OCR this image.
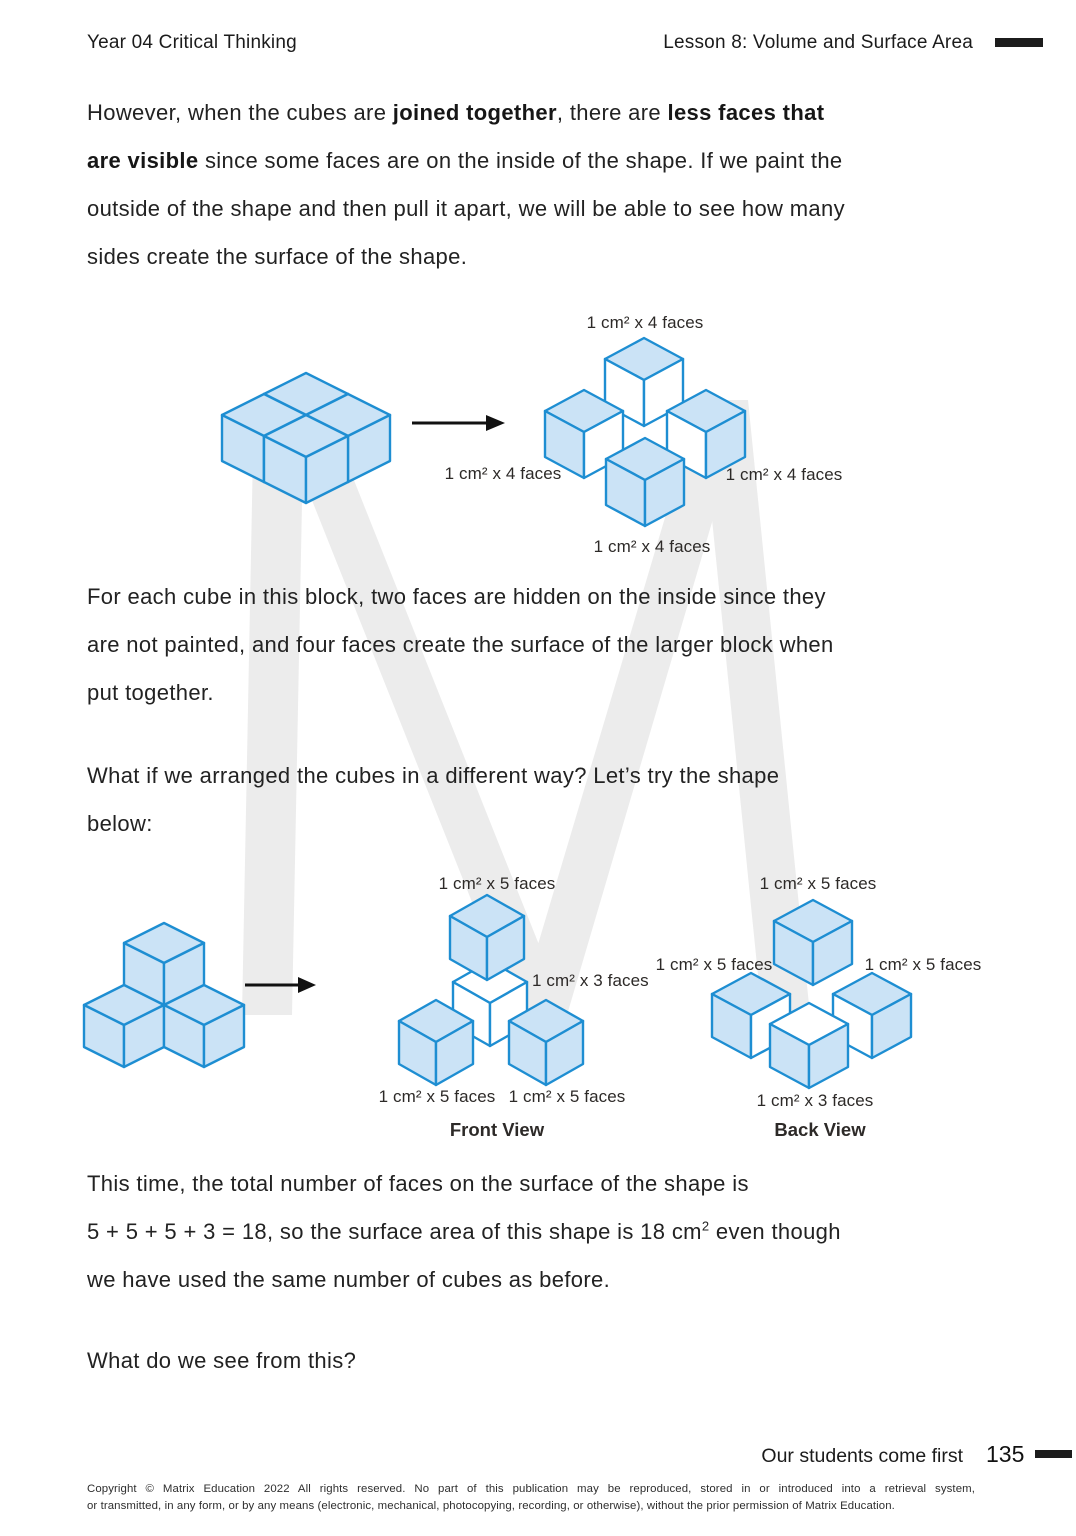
Year 04 Critical Thinking	Lesson 8: Volume and Surface Area
However, when the cubes are joined together, there are less faces that
are visible since some faces are on the inside of the shape. If we paint the
outside of the shape and then pull it apart, we will be able to see how many
sides create the surface of the shape.
1 cm² x 4 faces
1 cm² x 4 faces	1 cm² x 4 faces
1 cm² x 4 faces
For each cube in this block, two faces are hidden on the inside since they
are not painted, and four faces create the surface of the larger block when
put together.
What if we arranged the cubes in a different way? Let’s try the shape
below:
1 cm² x 5 faces
1 cm² x 3 faces
1 cm² x 5 faces 1 cm² x 5 faces
Front View
1 cm² x 5 faces
1 cm² x 5 faces	1 cm² x 5 faces
1 cm² x 3 faces
Back View
This time, the total number of faces on the surface of the shape is
5 + 5 + 5 + 3 = 18, so the surface area of this shape is 18 $cm^2$ even though
we have used the same number of cubes as before.
What do we see from this?
Our students come first 135
Copyright © Matrix Education 2022 All rights reserved. No part of this publication may be reproduced, stored in or introduced into a retrieval system,
or transmitted, in any form, or by any means (electronic, mechanical, photocopying, recording, or otherwise), without the prior permission of Matrix Education.
